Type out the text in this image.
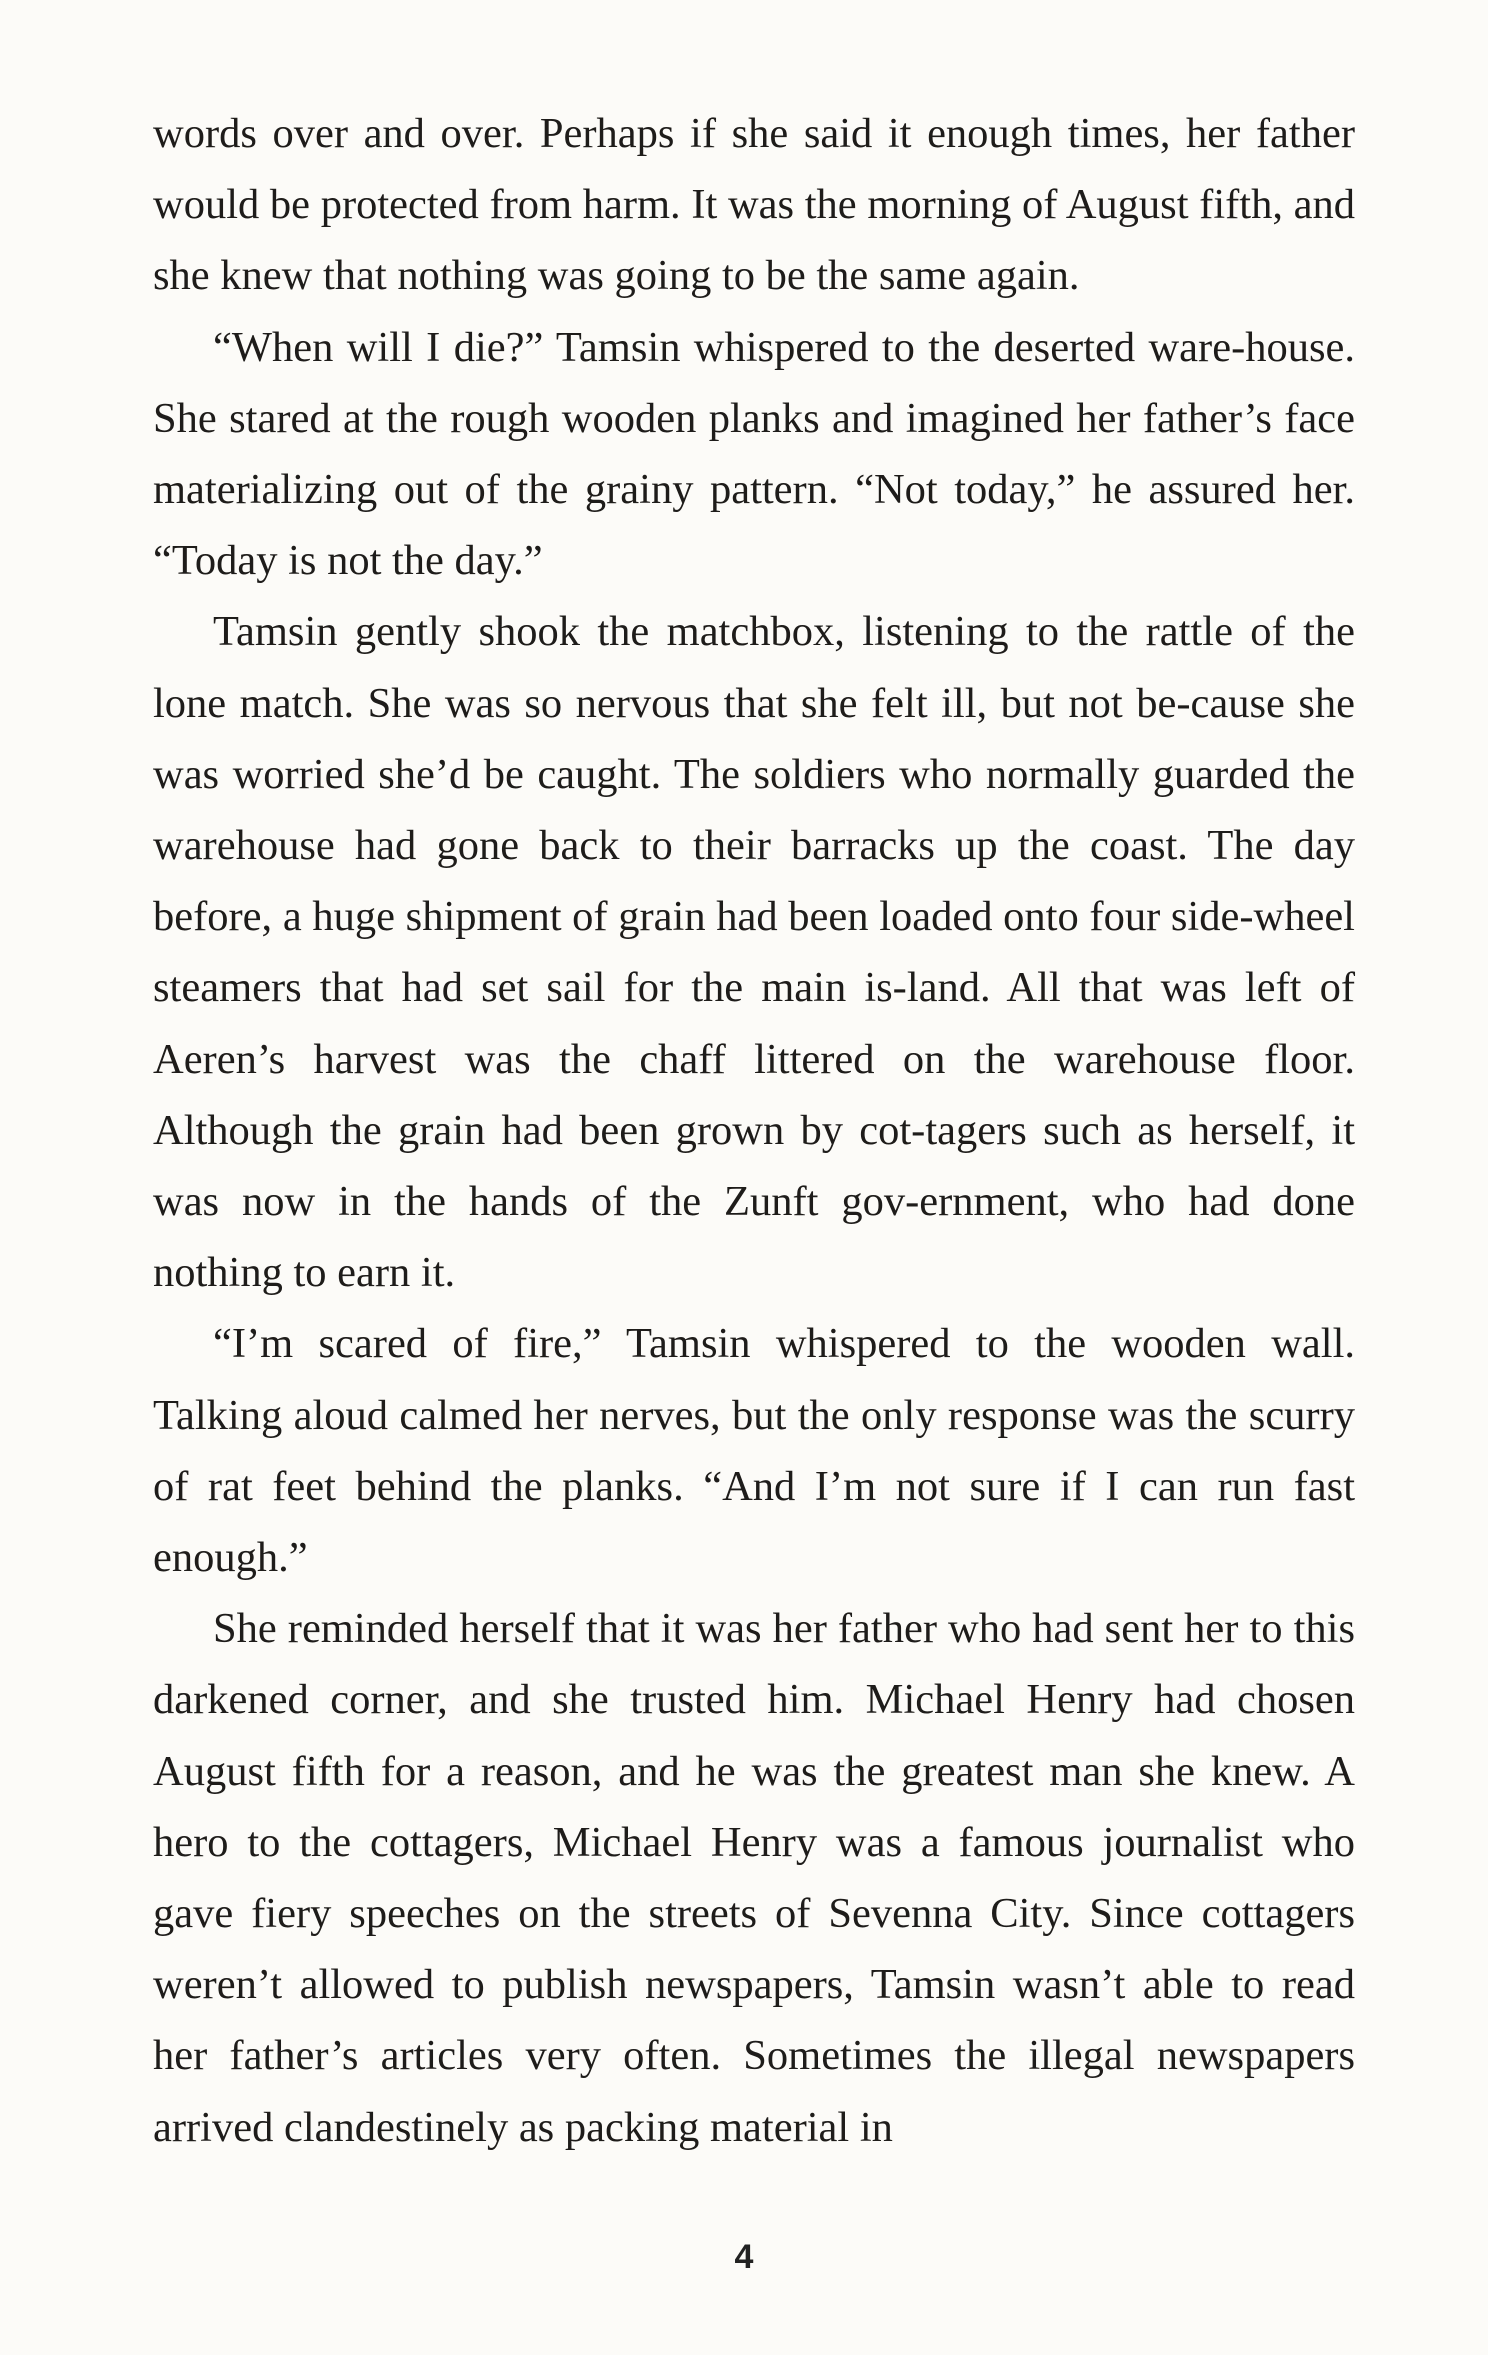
words over and over. Perhaps if she said it enough times, her father would be protected from harm. It was the morning of August fifth, and she knew that nothing was going to be the same again.

“When will I die?” Tamsin whispered to the deserted ware-house. She stared at the rough wooden planks and imagined her father’s face materializing out of the grainy pattern. “Not today,” he assured her. “Today is not the day.”

Tamsin gently shook the matchbox, listening to the rattle of the lone match. She was so nervous that she felt ill, but not be-cause she was worried she’d be caught. The soldiers who normally guarded the warehouse had gone back to their barracks up the coast. The day before, a huge shipment of grain had been loaded onto four side-wheel steamers that had set sail for the main is-land. All that was left of Aeren’s harvest was the chaff littered on the warehouse floor. Although the grain had been grown by cot-tagers such as herself, it was now in the hands of the Zunft gov-ernment, who had done nothing to earn it.

“I’m scared of fire,” Tamsin whispered to the wooden wall. Talking aloud calmed her nerves, but the only response was the scurry of rat feet behind the planks. “And I’m not sure if I can run fast enough.”

She reminded herself that it was her father who had sent her to this darkened corner, and she trusted him. Michael Henry had chosen August fifth for a reason, and he was the greatest man she knew. A hero to the cottagers, Michael Henry was a famous journalist who gave fiery speeches on the streets of Sevenna City. Since cottagers weren’t allowed to publish newspapers, Tamsin wasn’t able to read her father’s articles very often. Sometimes the illegal newspapers arrived clandestinely as packing material in

4
